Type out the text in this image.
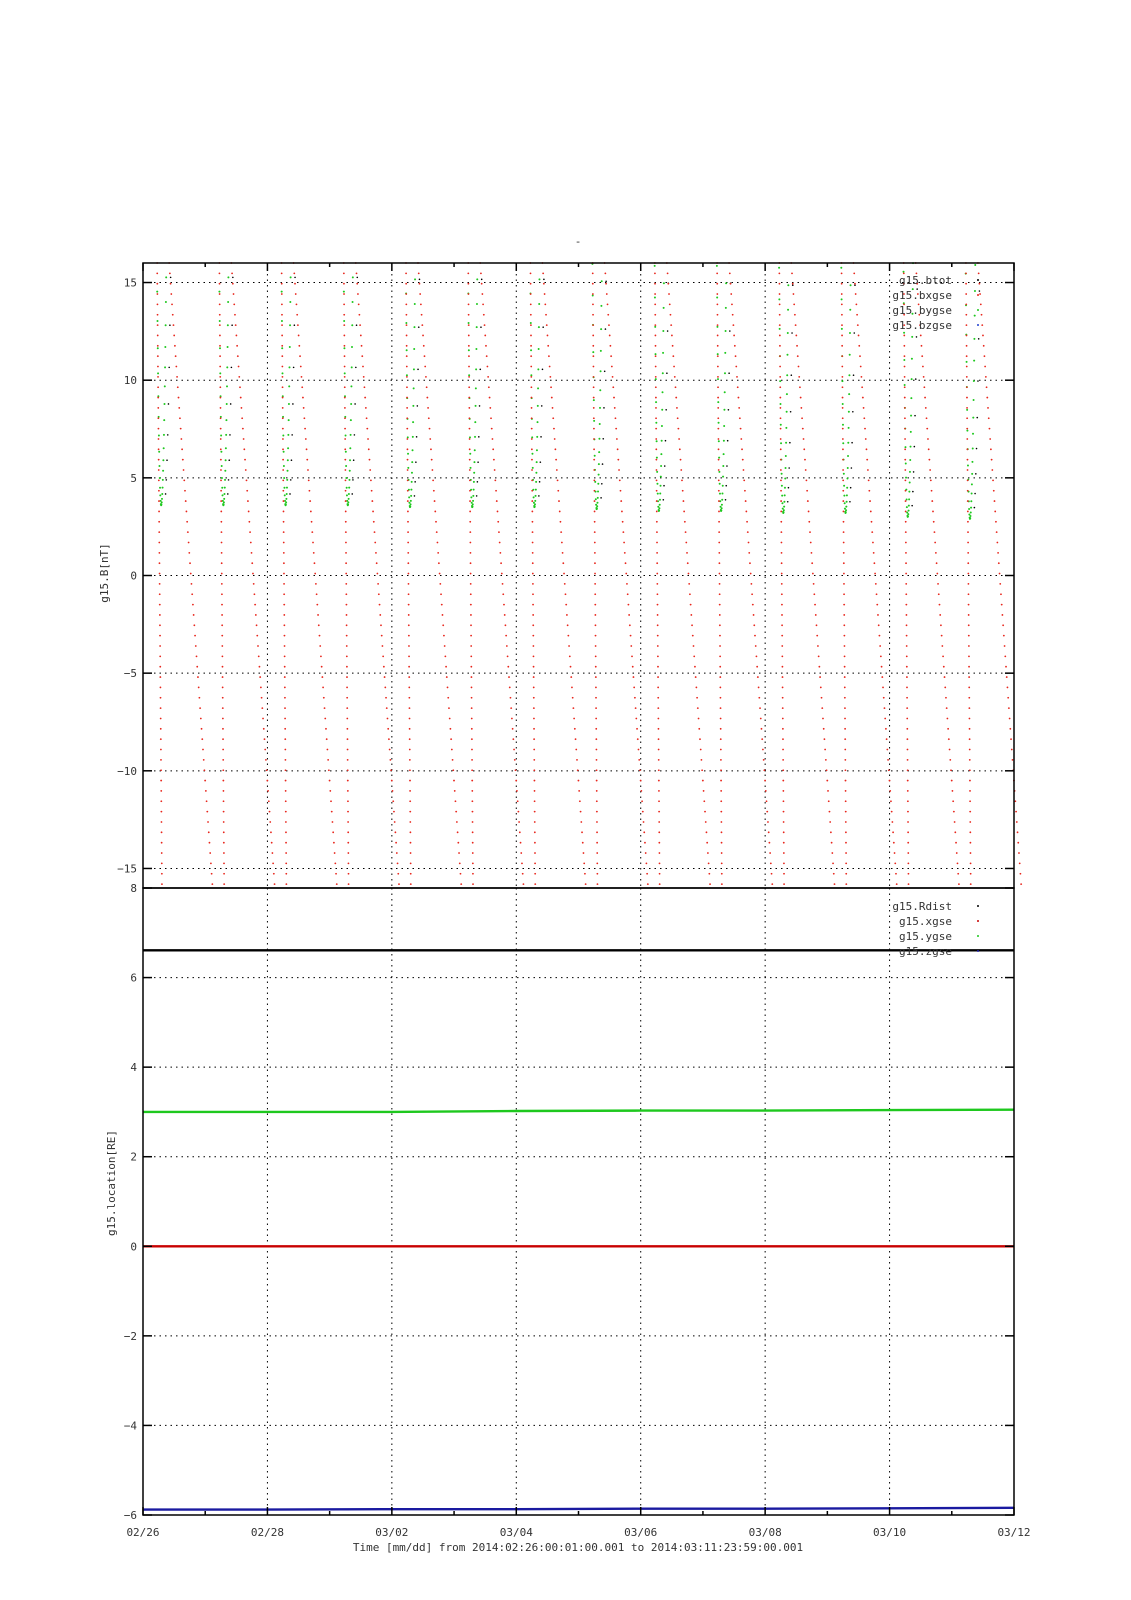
-
−15
−10
−5
0
5
10
15	g15.btot
g15.bxgse
g15.bygse
g15.bzgse
g15.B[nT]
−6
−4
−2
0
2
4
6
8
g15.Rdist
g15.xgse
g15.ygse
g15.zgse
g15.location[RE]
02/26	02/28	03/02	03/04	03/06	03/08	03/10	03/12
Time [mm/dd] from 2014:02:26:00:01:00.001 to 2014:03:11:23:59:00.001
